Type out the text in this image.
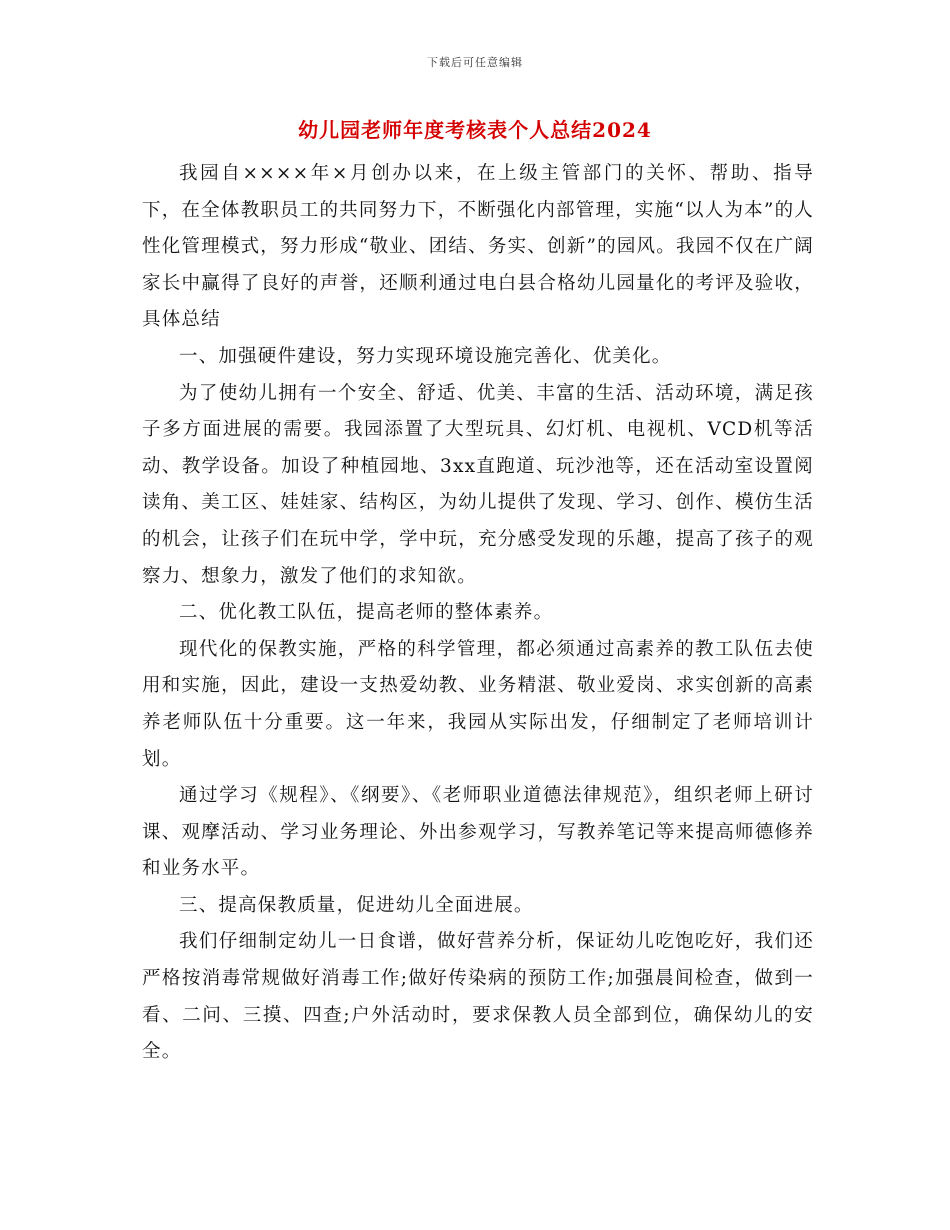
下载后可任意编辑
幼儿园老师年度考核表个人总结2024

我园自××××年×月创办以来，在上级主管部门的关怀、帮助、指导下，在全体教职员工的共同努力下，不断强化内部管理，实施“以人为本”的人性化管理模式，努力形成“敬业、团结、务实、创新”的园风。我园不仅在广阔家长中赢得了良好的声誉，还顺利通过电白县合格幼儿园量化的考评及验收，具体总结

一、加强硬件建设，努力实现环境设施完善化、优美化。

为了使幼儿拥有一个安全、舒适、优美、丰富的生活、活动环境，满足孩子多方面进展的需要。我园添置了大型玩具、幻灯机、电视机、VCD机等活动、教学设备。加设了种植园地、3xx直跑道、玩沙池等，还在活动室设置阅读角、美工区、娃娃家、结构区，为幼儿提供了发现、学习、创作、模仿生活的机会，让孩子们在玩中学，学中玩，充分感受发现的乐趣，提高了孩子的观察力、想象力，激发了他们的求知欲。

二、优化教工队伍，提高老师的整体素养。

现代化的保教实施，严格的科学管理，都必须通过高素养的教工队伍去使用和实施，因此，建设一支热爱幼教、业务精湛、敬业爱岗、求实创新的高素养老师队伍十分重要。这一年来，我园从实际出发，仔细制定了老师培训计划。

通过学习《规程》、《纲要》、《老师职业道德法律规范》，组织老师上研讨课、观摩活动、学习业务理论、外出参观学习，写教养笔记等来提高师德修养和业务水平。

三、提高保教质量，促进幼儿全面进展。

我们仔细制定幼儿一日食谱，做好营养分析，保证幼儿吃饱吃好，我们还严格按消毒常规做好消毒工作;做好传染病的预防工作;加强晨间检查，做到一看、二问、三摸、四查;户外活动时，要求保教人员全部到位，确保幼儿的安全。
